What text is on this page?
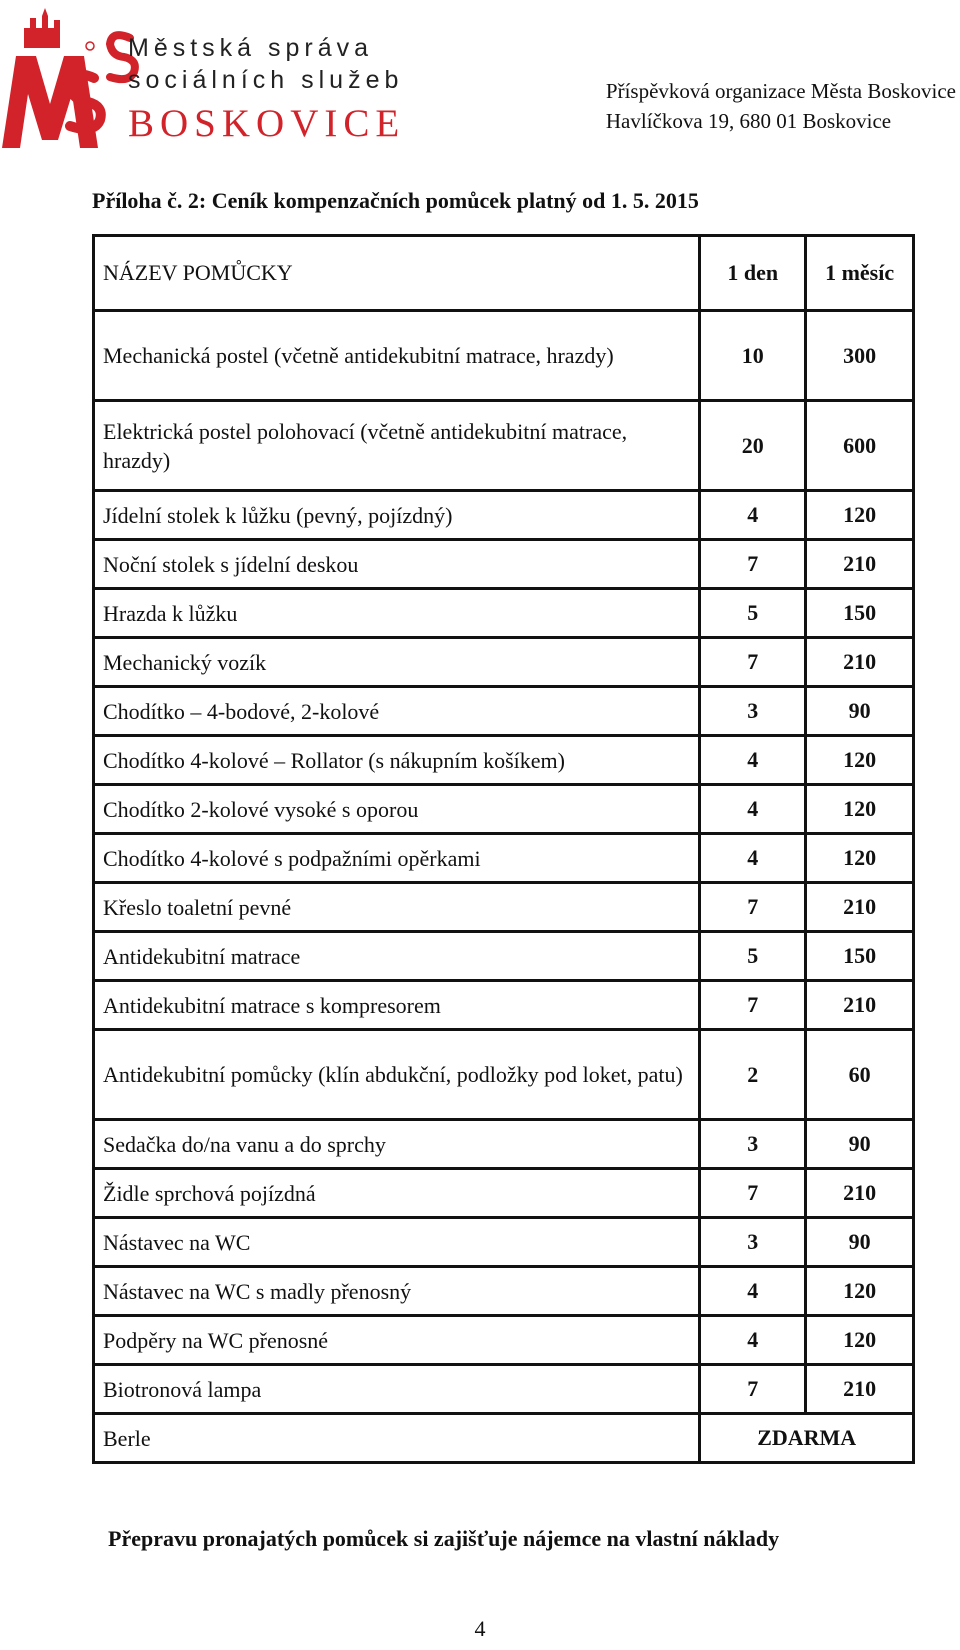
Městská správa
sociálních služeb
BOSKOVICE
Příspěvková organizace Města Boskovice
Havlíčkova 19, 680 01 Boskovice
Příloha č. 2: Ceník kompenzačních pomůcek platný od 1. 5. 2015
NÁZEV POMŮCKY	1 den	1 měsíc
Mechanická postel (včetně antidekubitní matrace, hrazdy)	10	300
Elektrická postel polohovací (včetně antidekubitní matrace, hrazdy)	20	600
Jídelní stolek k lůžku (pevný, pojízdný)	4	120
Noční stolek s jídelní deskou	7	210
Hrazda k lůžku	5	150
Mechanický vozík	7	210
Chodítko – 4-bodové, 2-kolové	3	90
Chodítko 4-kolové – Rollator (s nákupním košíkem)	4	120
Chodítko 2-kolové vysoké s oporou	4	120
Chodítko 4-kolové s podpažními opěrkami	4	120
Křeslo toaletní pevné	7	210
Antidekubitní matrace	5	150
Antidekubitní matrace s kompresorem	7	210
Antidekubitní pomůcky (klín abdukční, podložky pod loket, patu)	2	60
Sedačka do/na vanu a do sprchy	3	90
Židle sprchová pojízdná	7	210
Nástavec na WC	3	90
Nástavec na WC s madly přenosný	4	120
Podpěry na WC přenosné	4	120
Biotronová lampa	7	210
Berle	ZDARMA	
Přepravu pronajatých pomůcek si zajišťuje nájemce na vlastní náklady
4
